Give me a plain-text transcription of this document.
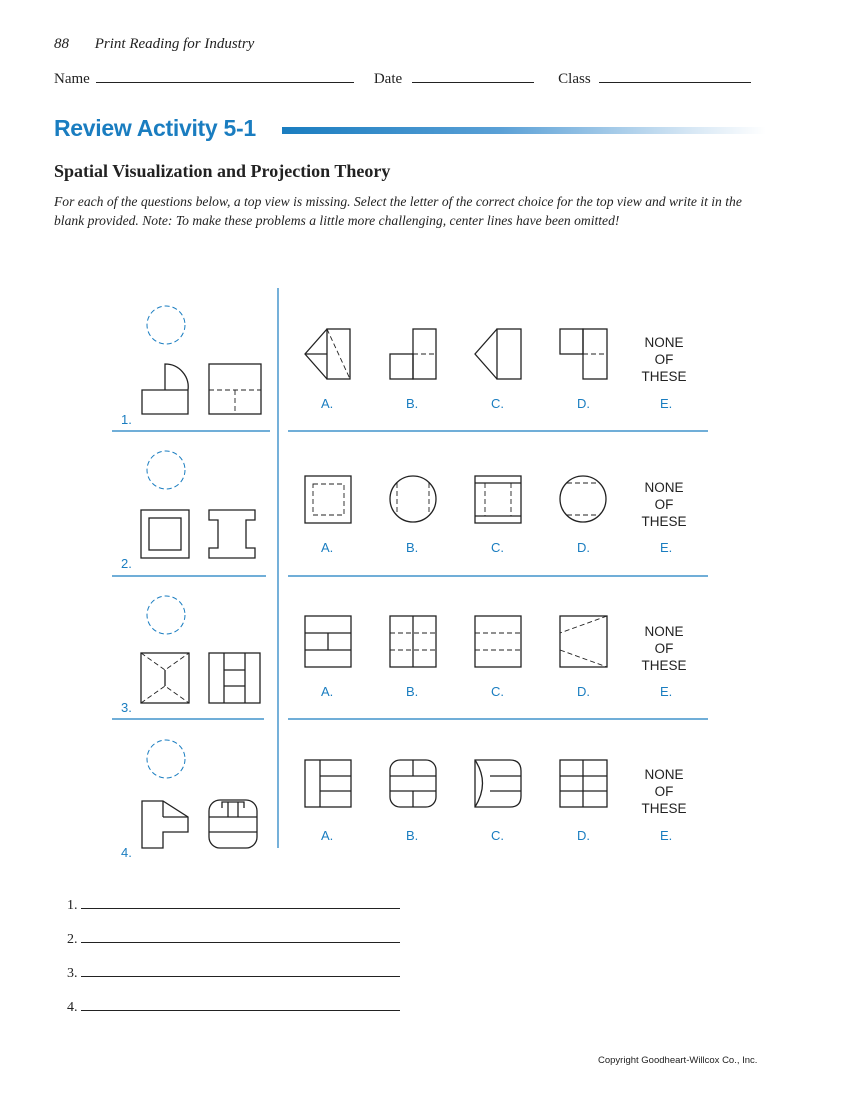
88 Print Reading for Industry
Name	Date	Class
Review Activity 5-1
Spatial Visualization and Projection Theory
For each of the questions below, a top view is missing. Select the letter of the correct choice for the top view and write it in the blank provided. Note: To make these problems a little more challenging, center lines have been omitted!
1.
A.	B.	C.	D.	E.
NONE
OF
THESE
2.
A.	B.	C.	D.	E.
NONE
OF
THESE
3.
A.	B.	C.	D.	E.
NONE
OF
THESE
4.
A.	B.	C.	D.	E.
NONE
OF
THESE
1.
2.
3.
4.
Copyright Goodheart-Willcox Co., Inc.
